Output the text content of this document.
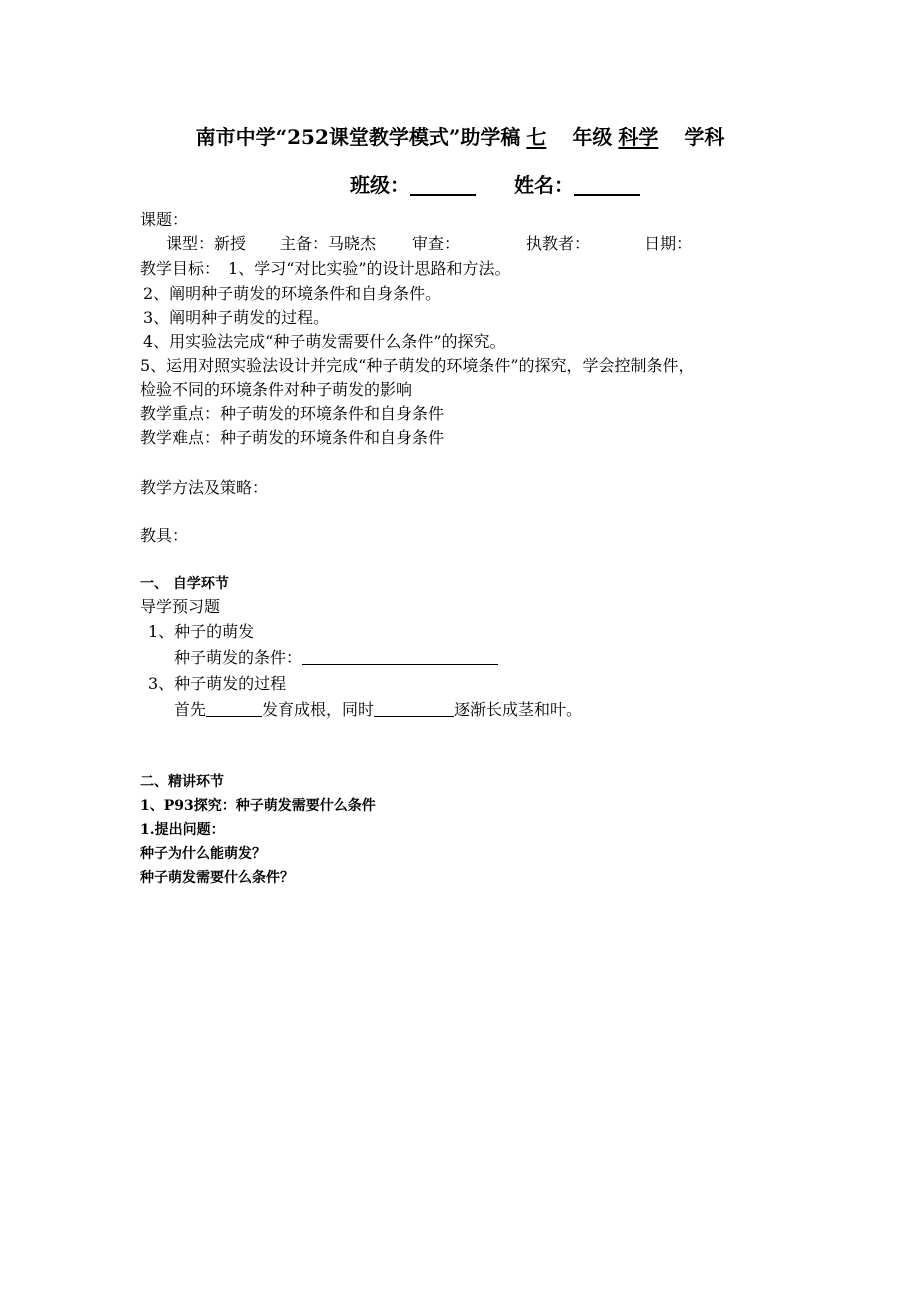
南市中学“252课堂教学模式”助学稿 七 年级 科学 学科
班级：	姓名：
课题：
课型：新授 主备：马晓杰 审查：	执教者：	日期：
教学目标： 1、学习“对比实验”的设计思路和方法。
2、阐明种子萌发的环境条件和自身条件。
3、阐明种子萌发的过程。
4、用实验法完成“种子萌发需要什么条件”的探究。
5、运用对照实验法设计并完成“种子萌发的环境条件”的探究，学会控制条件，
检验不同的环境条件对种子萌发的影响
教学重点：种子萌发的环境条件和自身条件
教学难点：种子萌发的环境条件和自身条件
教学方法及策略：
教具：
一、 自学环节
导学预习题
1、种子的萌发
种子萌发的条件：
3、种子萌发的过程
首先	发育成根，同时	逐渐长成茎和叶。
二、精讲环节
1、P93探究：种子萌发需要什么条件
1.提出问题：
种子为什么能萌发？
种子萌发需要什么条件？
